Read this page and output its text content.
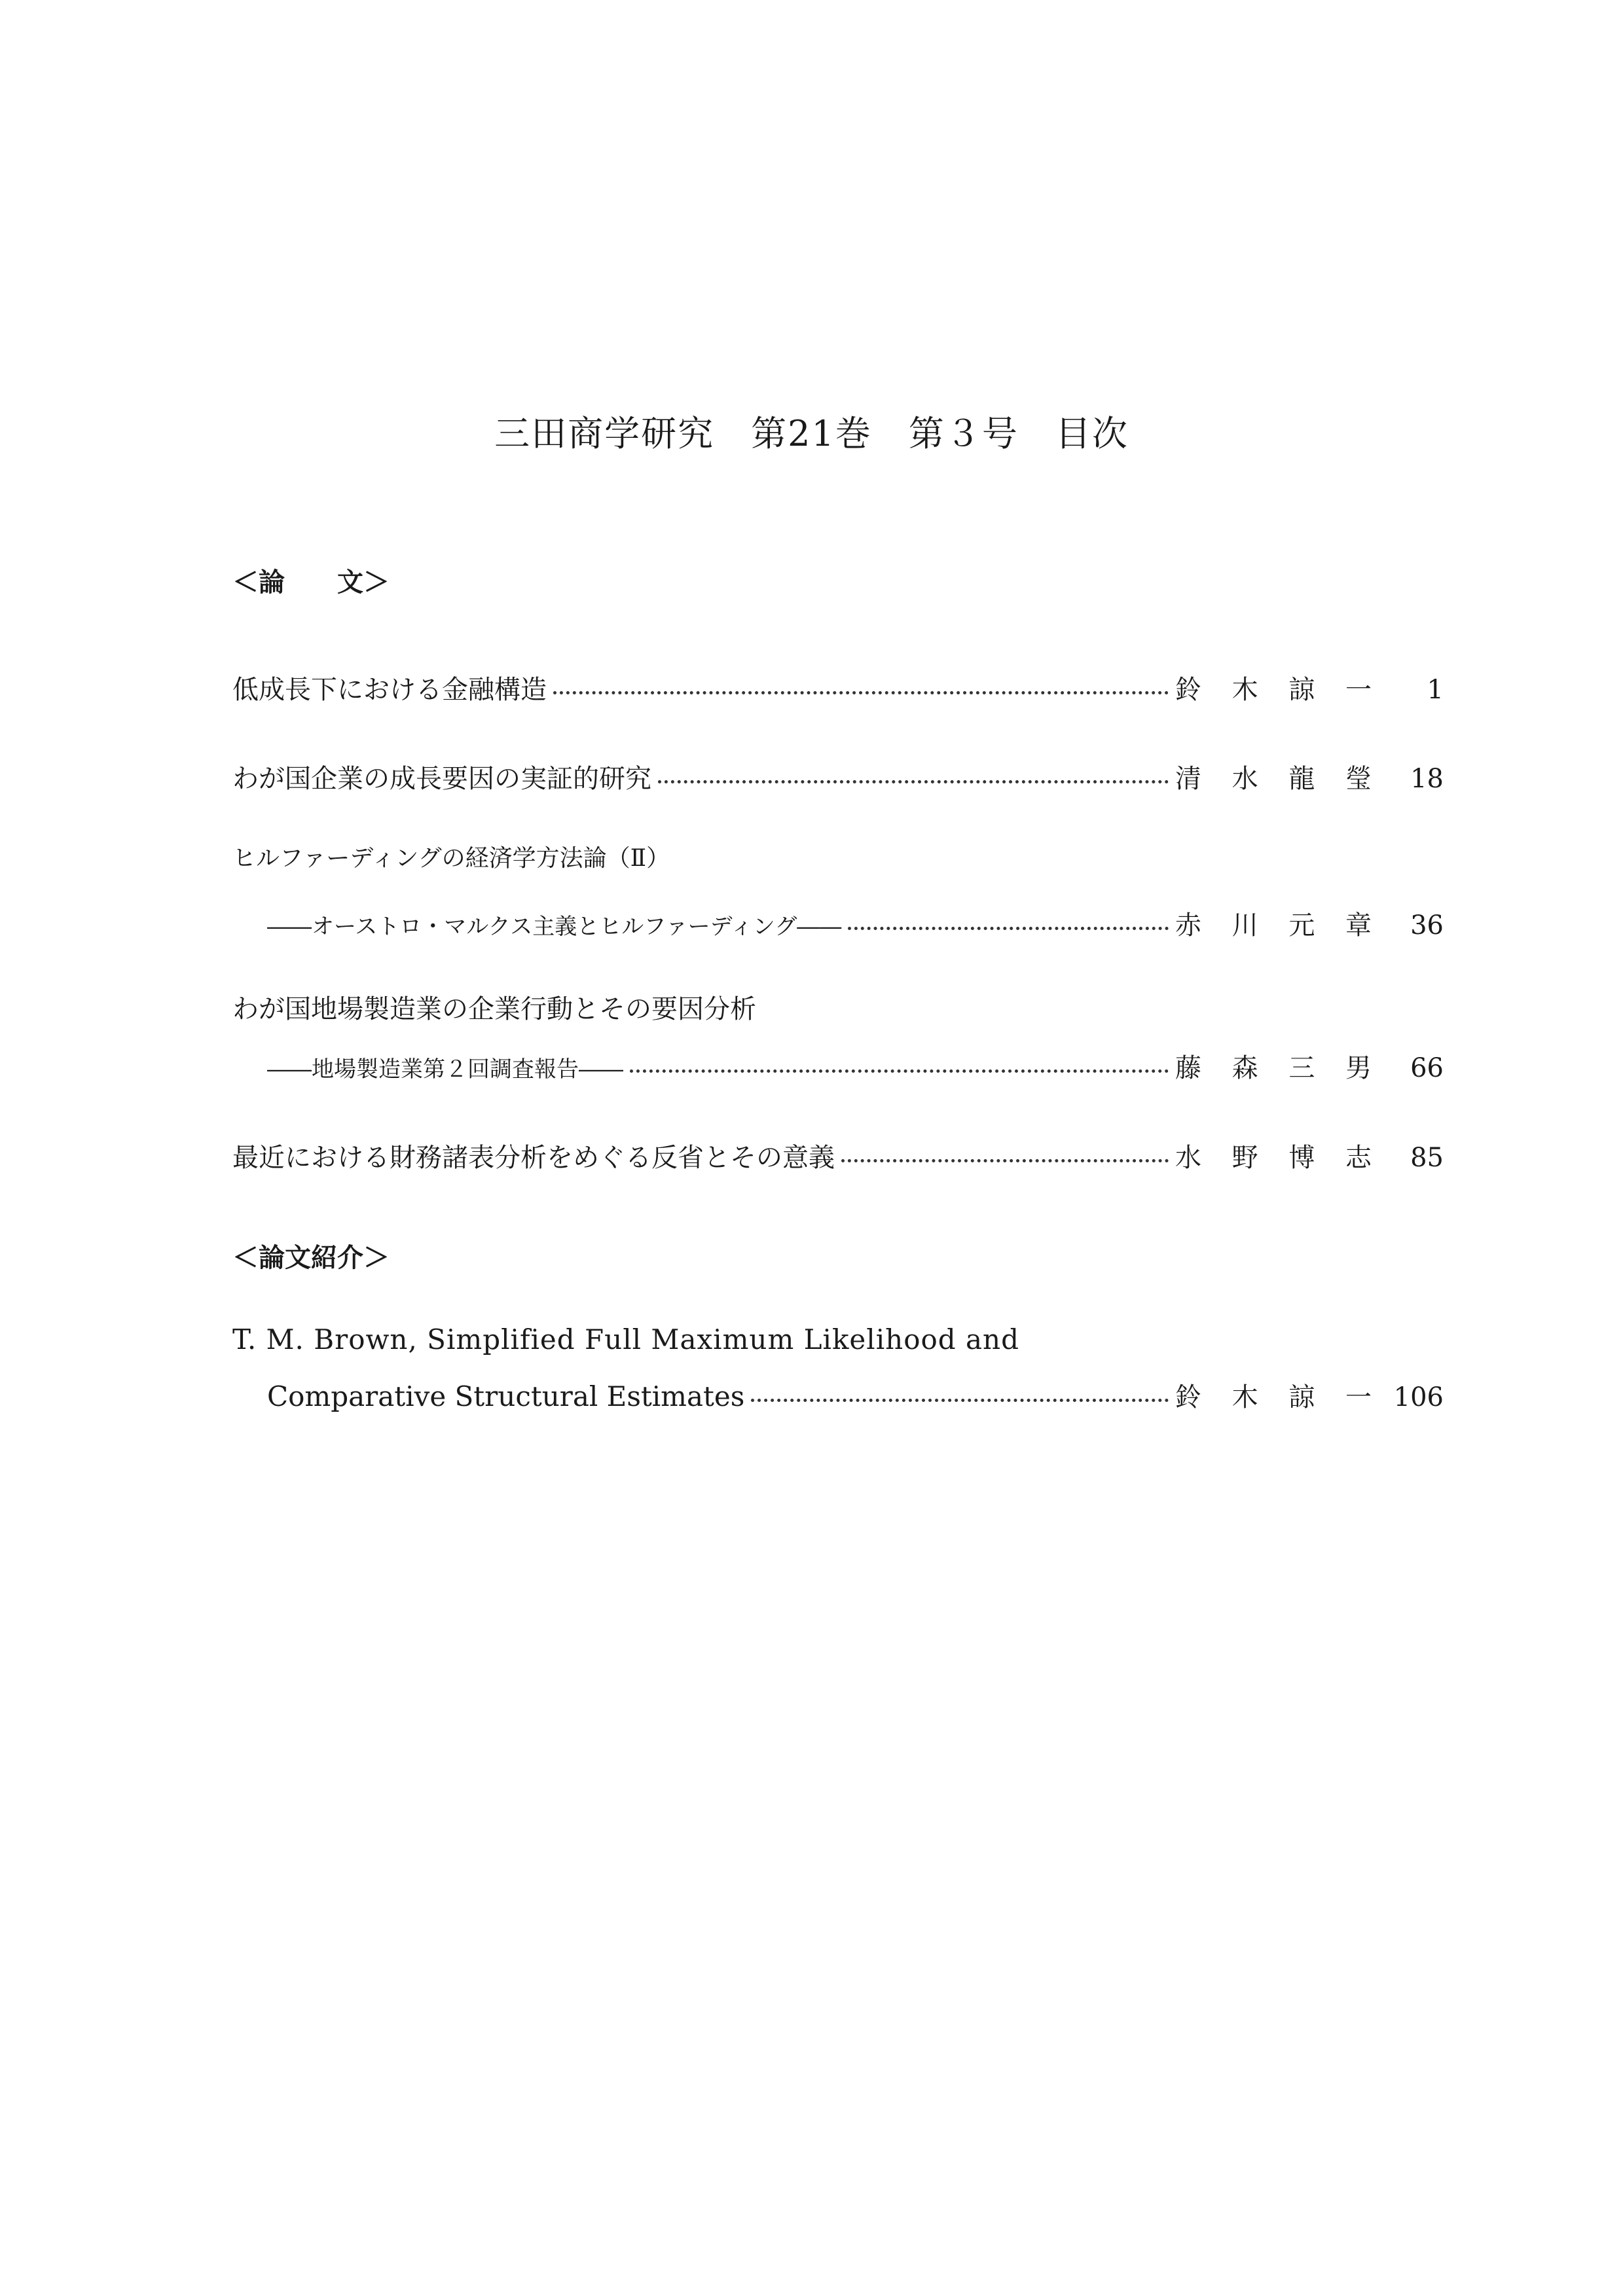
三田商学研究　第21巻　第３号　目次
＜論　　文＞
低成長下における金融構造	鈴 木 諒 一	1
わが国企業の成長要因の実証的研究	清 水 龍 瑩	18
ヒルファーディングの経済学方法論（Ⅱ）
――オーストロ・マルクス主義とヒルファーディング――	赤 川 元 章	36
わが国地場製造業の企業行動とその要因分析
――地場製造業第２回調査報告――	藤 森 三 男	66
最近における財務諸表分析をめぐる反省とその意義	水 野 博 志	85
＜論文紹介＞
T. M. Brown, Simplified Full Maximum Likelihood and
Comparative Structural Estimates	鈴 木 諒 一 106
